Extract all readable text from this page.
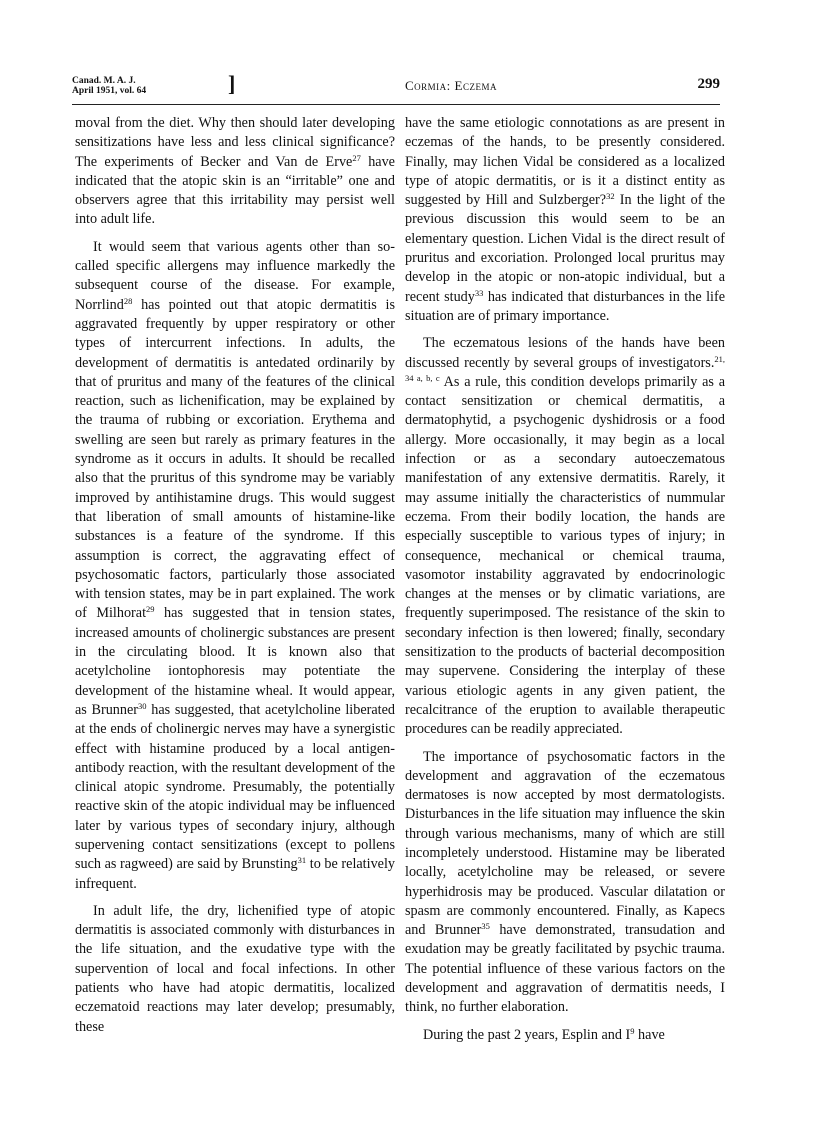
Canad. M. A. J.
April 1951, vol. 64	]	Cormia: Eczema	299

moval from the diet. Why then should later developing sensitizations have less and less clinical significance? The experiments of Becker and Van de Erve$^{27}$ have indicated that the atopic skin is an “irritable” one and observers agree that this irritability may persist well into adult life.

It would seem that various agents other than so-called specific allergens may influence markedly the subsequent course of the disease. For example, Norrlind$^{28}$ has pointed out that atopic dermatitis is aggravated frequently by upper respiratory or other types of intercurrent infections. In adults, the development of dermatitis is antedated ordinarily by that of pruritus and many of the features of the clinical reaction, such as lichenification, may be explained by the trauma of rubbing or excoriation. Erythema and swelling are seen but rarely as primary features in the syndrome as it occurs in adults. It should be recalled also that the pruritus of this syndrome may be variably improved by antihistamine drugs. This would suggest that liberation of small amounts of histamine-like substances is a feature of the syndrome. If this assumption is correct, the aggravating effect of psychosomatic factors, particularly those associated with tension states, may be in part explained. The work of Milhorat$^{29}$ has suggested that in tension states, increased amounts of cholinergic substances are present in the circulating blood. It is known also that acetylcholine iontophoresis may potentiate the development of the histamine wheal. It would appear, as Brunner$^{30}$ has suggested, that acetylcholine liberated at the ends of cholinergic nerves may have a synergistic effect with histamine produced by a local antigen-antibody reaction, with the resultant development of the clinical atopic syndrome. Presumably, the potentially reactive skin of the atopic individual may be influenced later by various types of secondary injury, although supervening contact sensitizations (except to pollens such as ragweed) are said by Brunsting$^{31}$ to be relatively infrequent.

In adult life, the dry, lichenified type of atopic dermatitis is associated commonly with disturbances in the life situation, and the exudative type with the supervention of local and focal infections. In other patients who have had atopic dermatitis, localized eczematoid reactions may later develop; presumably, these

have the same etiologic connotations as are present in eczemas of the hands, to be presently considered. Finally, may lichen Vidal be considered as a localized type of atopic dermatitis, or is it a distinct entity as suggested by Hill and Sulzberger?$^{32}$ In the light of the previous discussion this would seem to be an elementary question. Lichen Vidal is the direct result of pruritus and excoriation. Prolonged local pruritus may develop in the atopic or non-atopic individual, but a recent study$^{33}$ has indicated that disturbances in the life situation are of primary importance.

The eczematous lesions of the hands have been discussed recently by several groups of investigators.$^{21, 34 a, b, c}$ As a rule, this condition develops primarily as a contact sensitization or chemical dermatitis, a dermatophytid, a psychogenic dyshidrosis or a food allergy. More occasionally, it may begin as a local infection or as a secondary autoeczematous manifestation of any extensive dermatitis. Rarely, it may assume initially the characteristics of nummular eczema. From their bodily location, the hands are especially susceptible to various types of injury; in consequence, mechanical or chemical trauma, vasomotor instability aggravated by endocrinologic changes at the menses or by climatic variations, are frequently superimposed. The resistance of the skin to secondary infection is then lowered; finally, secondary sensitization to the products of bacterial decomposition may supervene. Considering the interplay of these various etiologic agents in any given patient, the recalcitrance of the eruption to available therapeutic procedures can be readily appreciated.

The importance of psychosomatic factors in the development and aggravation of the eczematous dermatoses is now accepted by most dermatologists. Disturbances in the life situation may influence the skin through various mechanisms, many of which are still incompletely understood. Histamine may be liberated locally, acetylcholine may be released, or severe hyperhidrosis may be produced. Vascular dilatation or spasm are commonly encountered. Finally, as Kapecs and Brunner$^{35}$ have demonstrated, transudation and exudation may be greatly facilitated by psychic trauma. The potential influence of these various factors on the development and aggravation of dermatitis needs, I think, no further elaboration.

During the past 2 years, Esplin and $I^9$ have
